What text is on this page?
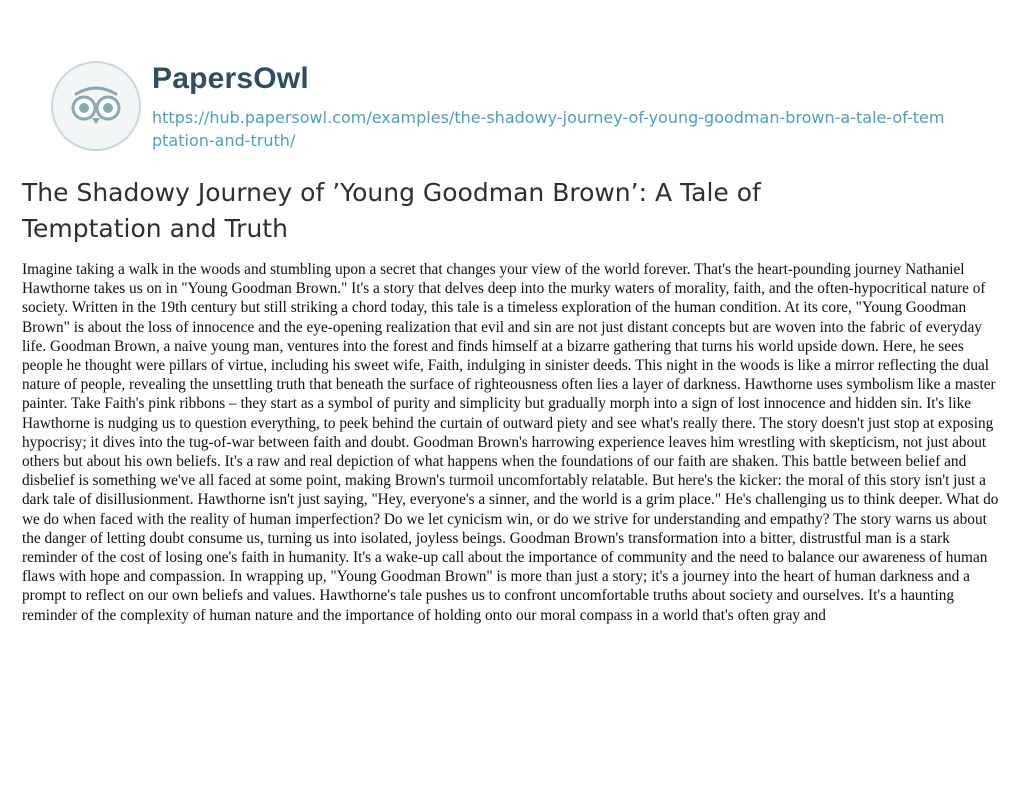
PapersOwl
https://hub.papersowl.com/examples/the-shadowy-journey-of-young-goodman-brown-a-tale-of-temptation-and-truth/
The Shadowy Journey of ’Young Goodman Brown’: A Tale of Temptation and Truth

Imagine taking a walk in the woods and stumbling upon a secret that changes your view of the world forever. That's the heart-pounding journey Nathaniel Hawthorne takes us on in "Young Goodman Brown." It's a story that delves deep into the murky waters of morality, faith, and the often-hypocritical nature of society. Written in the 19th century but still striking a chord today, this tale is a timeless exploration of the human condition. At its core, "Young Goodman Brown" is about the loss of innocence and the eye-opening realization that evil and sin are not just distant concepts but are woven into the fabric of everyday life. Goodman Brown, a naive young man, ventures into the forest and finds himself at a bizarre gathering that turns his world upside down. Here, he sees people he thought were pillars of virtue, including his sweet wife, Faith, indulging in sinister deeds. This night in the woods is like a mirror reflecting the dual nature of people, revealing the unsettling truth that beneath the surface of righteousness often lies a layer of darkness. Hawthorne uses symbolism like a master painter. Take Faith's pink ribbons – they start as a symbol of purity and simplicity but gradually morph into a sign of lost innocence and hidden sin. It's like Hawthorne is nudging us to question everything, to peek behind the curtain of outward piety and see what's really there. The story doesn't just stop at exposing hypocrisy; it dives into the tug-of-war between faith and doubt. Goodman Brown's harrowing experience leaves him wrestling with skepticism, not just about others but about his own beliefs. It's a raw and real depiction of what happens when the foundations of our faith are shaken. This battle between belief and disbelief is something we've all faced at some point, making Brown's turmoil uncomfortably relatable. But here's the kicker: the moral of this story isn't just a dark tale of disillusionment. Hawthorne isn't just saying, "Hey, everyone's a sinner, and the world is a grim place." He's challenging us to think deeper. What do we do when faced with the reality of human imperfection? Do we let cynicism win, or do we strive for understanding and empathy? The story warns us about the danger of letting doubt consume us, turning us into isolated, joyless beings. Goodman Brown's transformation into a bitter, distrustful man is a stark reminder of the cost of losing one's faith in humanity. It's a wake-up call about the importance of community and the need to balance our awareness of human flaws with hope and compassion. In wrapping up, "Young Goodman Brown" is more than just a story; it's a journey into the heart of human darkness and a prompt to reflect on our own beliefs and values. Hawthorne's tale pushes us to confront uncomfortable truths about society and ourselves. It's a haunting reminder of the complexity of human nature and the importance of holding onto our moral compass in a world that's often gray and
